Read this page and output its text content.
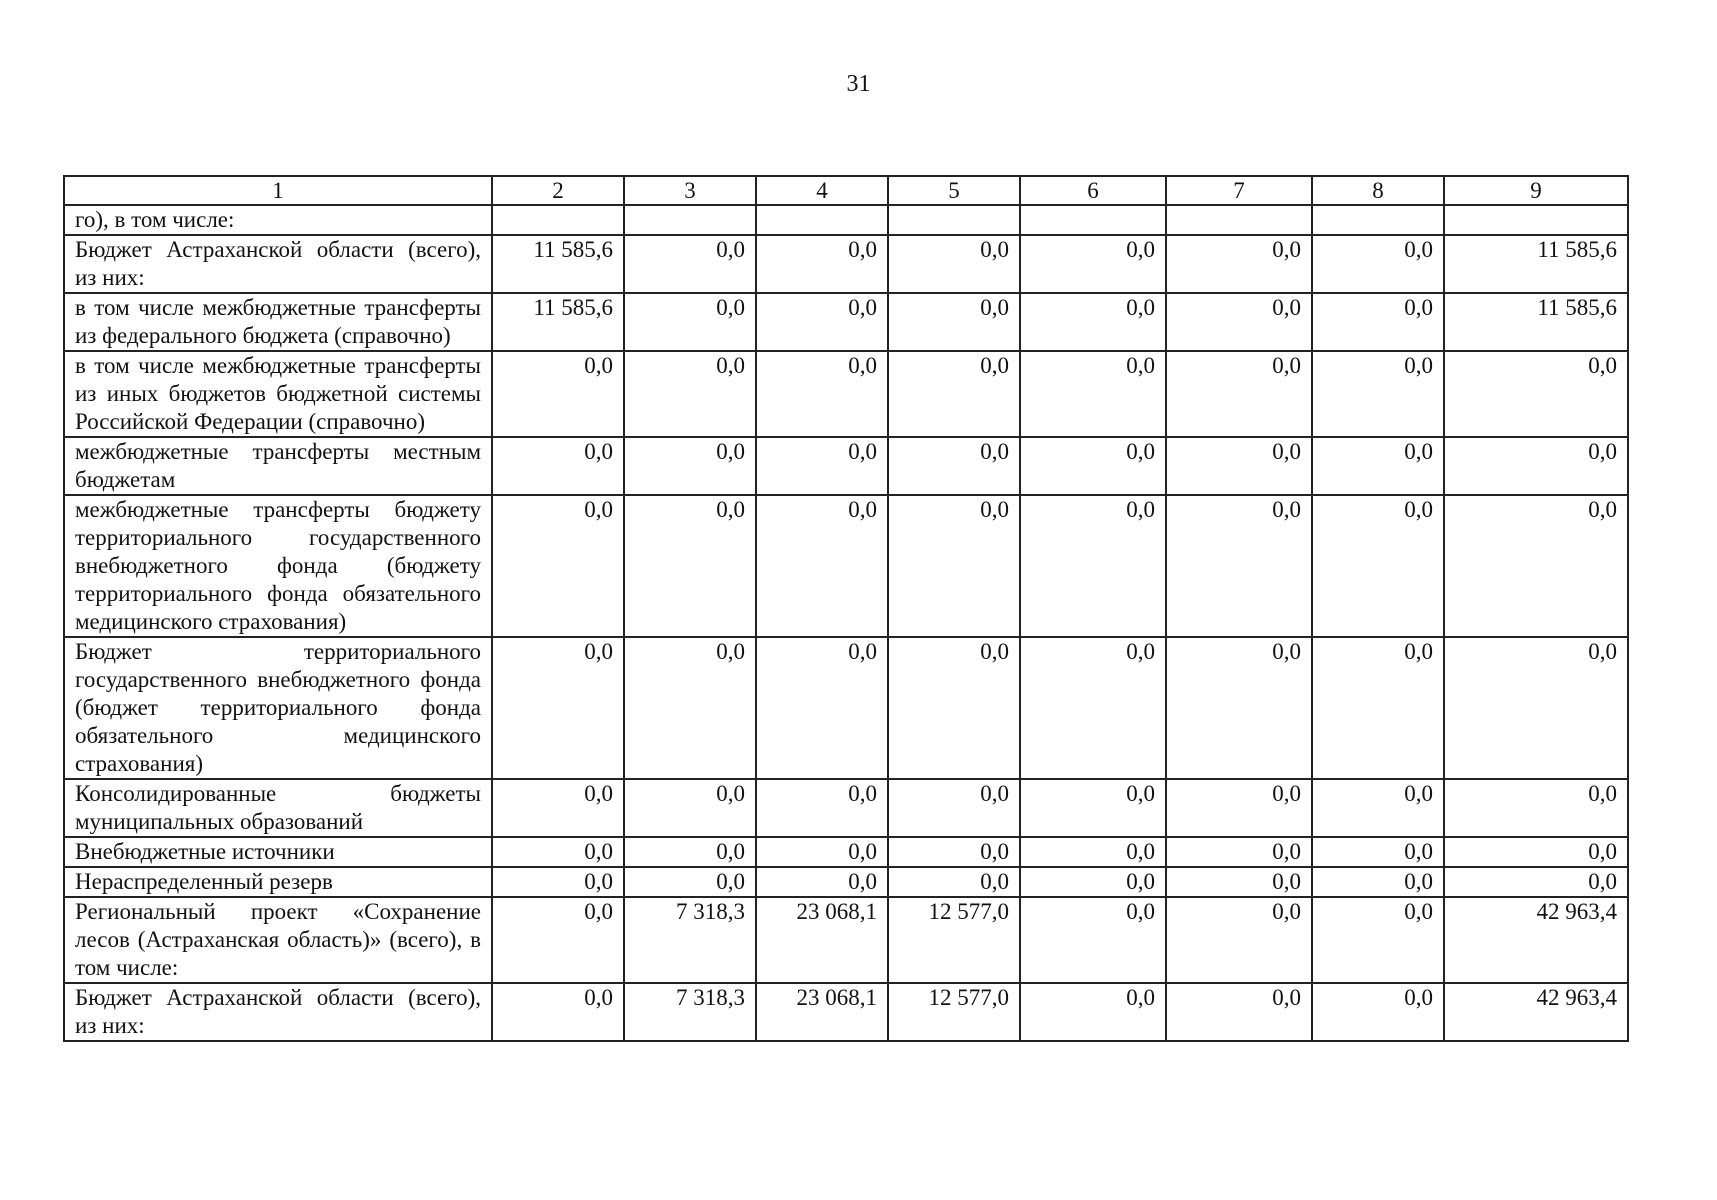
31
1	2	3	4	5	6	7	8	9
го), в том числе:								
Бюджет Астраханской области (всего), из них:	11 585,6	0,0	0,0	0,0	0,0	0,0	0,0	11 585,6
в том числе межбюджетные трансферты из федерального бюджета (справочно)	11 585,6	0,0	0,0	0,0	0,0	0,0	0,0	11 585,6
в том числе межбюджетные трансферты из иных бюджетов бюджетной системы Российской Федерации (справочно)	0,0	0,0	0,0	0,0	0,0	0,0	0,0	0,0
межбюджетные трансферты местным бюджетам	0,0	0,0	0,0	0,0	0,0	0,0	0,0	0,0
межбюджетные трансферты бюджету территориального государственного внебюджетного фонда (бюджету территориального фонда обязательного медицинского страхования)	0,0	0,0	0,0	0,0	0,0	0,0	0,0	0,0
Бюджет территориального государственного внебюджетного фонда (бюджет территориального фонда обязательного медицинского страхования)	0,0	0,0	0,0	0,0	0,0	0,0	0,0	0,0
Консолидированные бюджеты муниципальных образований	0,0	0,0	0,0	0,0	0,0	0,0	0,0	0,0
Внебюджетные источники	0,0	0,0	0,0	0,0	0,0	0,0	0,0	0,0
Нераспределенный резерв	0,0	0,0	0,0	0,0	0,0	0,0	0,0	0,0
Региональный проект «Сохранение лесов (Астраханская область)» (всего), в том числе:	0,0	7 318,3	23 068,1	12 577,0	0,0	0,0	0,0	42 963,4
Бюджет Астраханской области (всего), из них:	0,0	7 318,3	23 068,1	12 577,0	0,0	0,0	0,0	42 963,4
